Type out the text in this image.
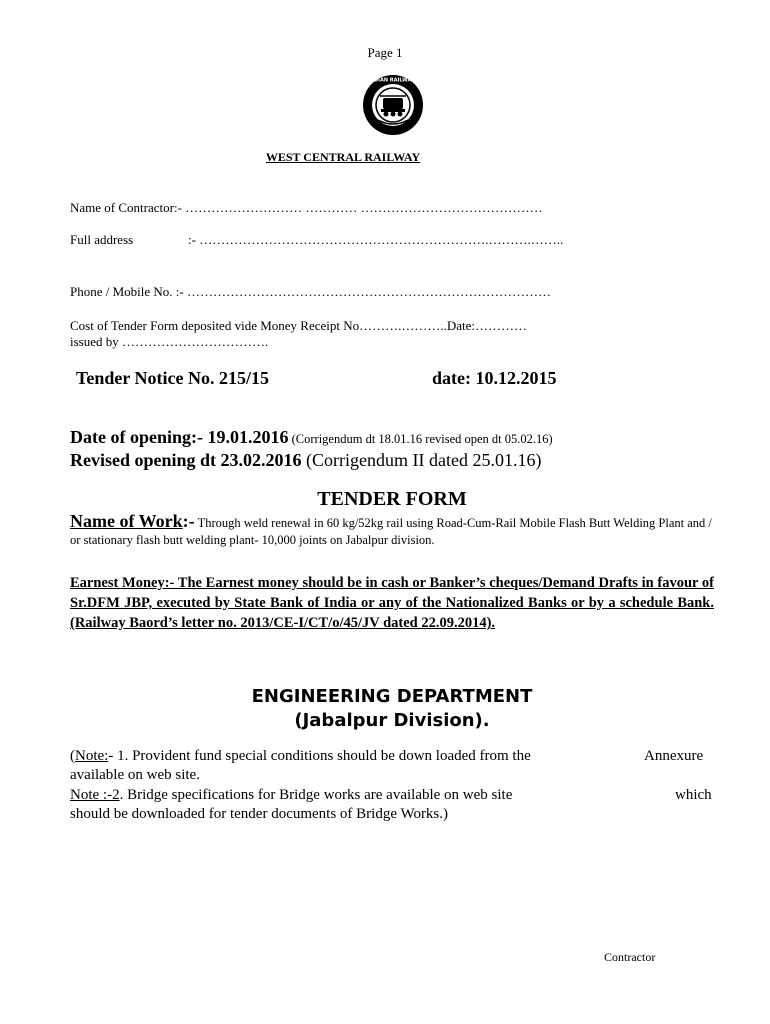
Page 1
INDIAN RAILWAYS
WEST CENTRAL RAILWAY
Name of Contractor:- ……………………… ………… ……………………………………
Full address	:- ………………………………………………………….……….……..
Phone / Mobile No. :- …………………………………………………………………………
Cost of Tender Form deposited vide Money Receipt No……….………..Date:…………
issued by …………………………….
Tender Notice No. 215/15	date: 10.12.2015
Date of opening:- 19.01.2016 (Corrigendum dt 18.01.16 revised open dt 05.02.16)
Revised opening dt 23.02.2016 (Corrigendum II dated 25.01.16)
TENDER FORM
Name of Work:- Through weld renewal in 60 kg/52kg rail using Road-Cum-Rail Mobile Flash Butt Welding Plant and / or stationary flash butt welding plant- 10,000 joints on Jabalpur division.
Earnest Money:- The Earnest money should be in cash or Banker’s cheques/Demand Drafts in favour of Sr.DFM JBP, executed by State Bank of India or any of the Nationalized Banks or by a schedule Bank. (Railway Baord’s letter no. 2013/CE-I/CT/o/45/JV dated 22.09.2014).
ENGINEERING DEPARTMENT
(Jabalpur Division).
(Note:- 1. Provident fund special conditions should be down loaded from the	Annexure
available on web site.
Note :-2. Bridge specifications for Bridge works are available on web site	which
should be downloaded for tender documents of Bridge Works.)
Contractor
